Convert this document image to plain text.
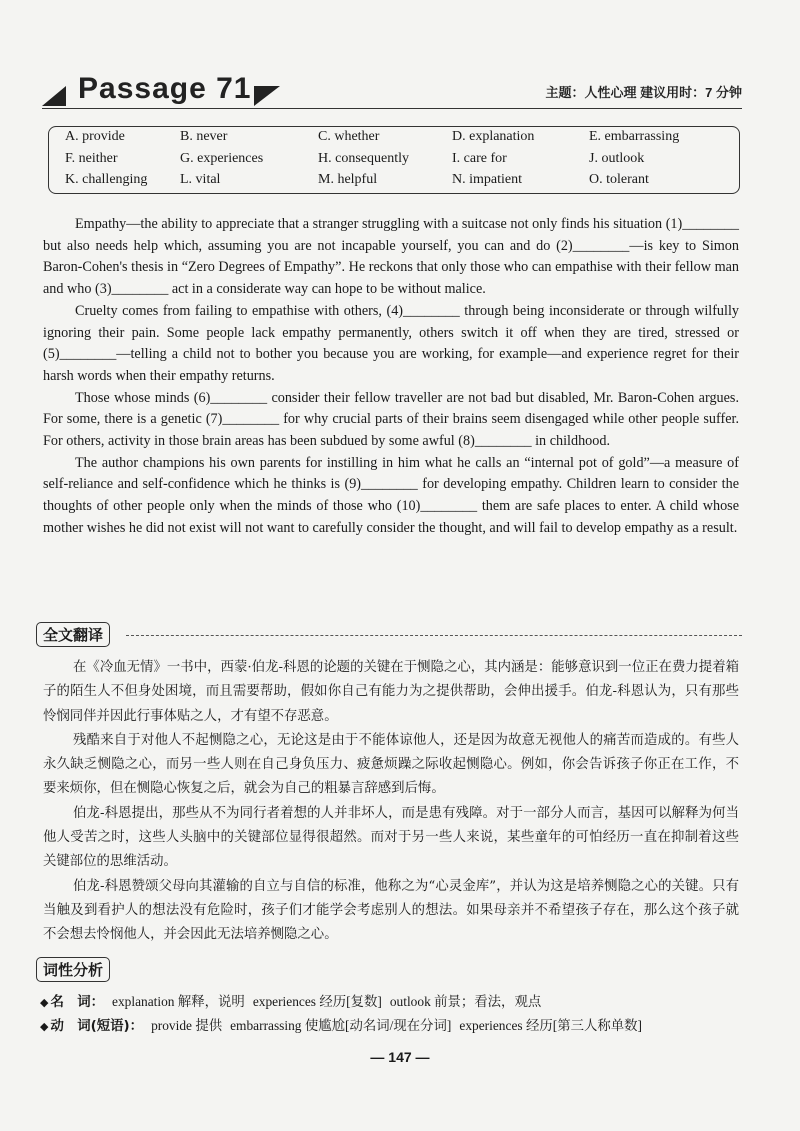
Passage 71	主题：人性心理 建议用时：7 分钟
A. provide	B. never	C. whether	D. explanation	E. embarrassing
F. neither	G. experiences	H. consequently	I. care for	J. outlook
K. challenging	L. vital	M. helpful	N. impatient	O. tolerant

Empathy—the ability to appreciate that a stranger struggling with a suitcase not only finds his situation (1)________ but also needs help which, assuming you are not incapable yourself, you can and do (2)________—is key to Simon Baron-Cohen's thesis in “Zero Degrees of Empathy”. He reckons that only those who can empathise with their fellow man and who (3)________ act in a considerate way can hope to be without malice.

Cruelty comes from failing to empathise with others, (4)________ through being inconsiderate or through wilfully ignoring their pain. Some people lack empathy permanently, others switch it off when they are tired, stressed or (5)________—telling a child not to bother you because you are working, for example—and experience regret for their harsh words when their empathy returns.

Those whose minds (6)________ consider their fellow traveller are not bad but disabled, Mr. Baron-Cohen argues. For some, there is a genetic (7)________ for why crucial parts of their brains seem disengaged while other people suffer. For others, activity in those brain areas has been subdued by some awful (8)________ in childhood.

The author champions his own parents for instilling in him what he calls an “internal pot of gold”—a measure of self-reliance and self-confidence which he thinks is (9)________ for developing empathy. Children learn to consider the thoughts of other people only when the minds of those who (10)________ them are safe places to enter. A child whose mother wishes he did not exist will not want to carefully consider the thought, and will fail to develop empathy as a result.

全文翻译

在《冷血无情》一书中，西蒙·伯龙-科恩的论题的关键在于恻隐之心，其内涵是：能够意识到一位正在费力提着箱子的陌生人不但身处困境，而且需要帮助，假如你自己有能力为之提供帮助，会伸出援手。伯龙-科恩认为，只有那些怜悯同伴并因此行事体贴之人，才有望不存恶意。

残酷来自于对他人不起恻隐之心，无论这是由于不能体谅他人，还是因为故意无视他人的痛苦而造成的。有些人永久缺乏恻隐之心，而另一些人则在自己身负压力、疲惫烦躁之际收起恻隐心。例如，你会告诉孩子你正在工作，不要来烦你，但在恻隐心恢复之后，就会为自己的粗暴言辞感到后悔。

伯龙-科恩提出，那些从不为同行者着想的人并非坏人，而是患有残障。对于一部分人而言，基因可以解释为何当他人受苦之时，这些人头脑中的关键部位显得很超然。而对于另一些人来说，某些童年的可怕经历一直在抑制着这些关键部位的思维活动。

伯龙-科恩赞颂父母向其灌输的自立与自信的标准，他称之为“心灵金库”，并认为这是培养恻隐之心的关键。只有当触及到看护人的想法没有危险时，孩子们才能学会考虑别人的想法。如果母亲并不希望孩子存在，那么这个孩子就不会想去怜悯他人，并会因此无法培养恻隐之心。

词性分析
◆ 名　词： explanation 解释，说明 experiences 经历[复数] outlook 前景；看法，观点
◆ 动　词(短语)： provide 提供 embarrassing 使尴尬[动名词/现在分词] experiences 经历[第三人称单数]
— 147 —
